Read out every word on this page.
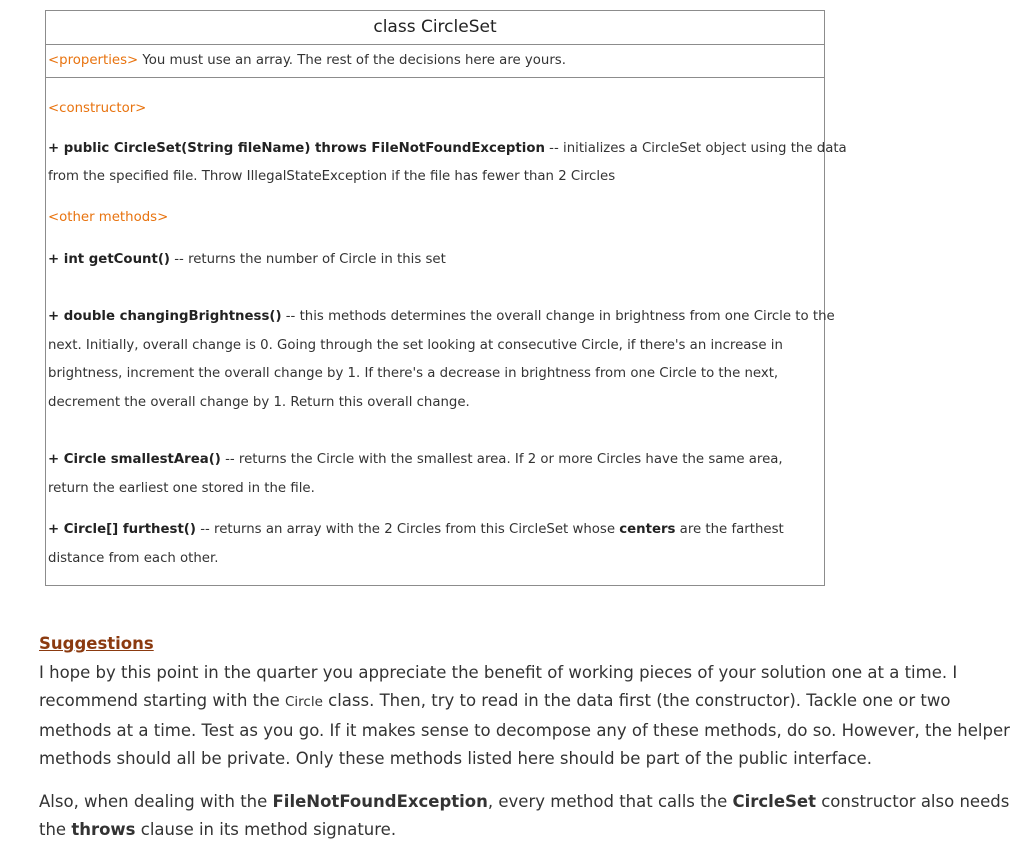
class CircleSet
<properties> You must use an array. The rest of the decisions here are yours.
<constructor>
+ public CircleSet(String fileName) throws FileNotFoundException -- initializes a CircleSet object using the data
from the specified file. Throw IllegalStateException if the file has fewer than 2 Circles
<other methods>
+ int getCount() -- returns the number of Circle in this set
+ double changingBrightness() -- this methods determines the overall change in brightness from one Circle to the
next. Initially, overall change is 0. Going through the set looking at consecutive Circle, if there's an increase in
brightness, increment the overall change by 1. If there's a decrease in brightness from one Circle to the next,
decrement the overall change by 1. Return this overall change.
+ Circle smallestArea() -- returns the Circle with the smallest area. If 2 or more Circles have the same area,
return the earliest one stored in the file.
+ Circle[] furthest() -- returns an array with the 2 Circles from this CircleSet whose centers are the farthest
distance from each other.
Suggestions

I hope by this point in the quarter you appreciate the benefit of working pieces of your solution one at a time. I
recommend starting with the Circle class. Then, try to read in the data first (the constructor). Tackle one or two
methods at a time. Test as you go. If it makes sense to decompose any of these methods, do so. However, the helper
methods should all be private. Only these methods listed here should be part of the public interface.

Also, when dealing with the FileNotFoundException, every method that calls the CircleSet constructor also needs
the throws clause in its method signature.
